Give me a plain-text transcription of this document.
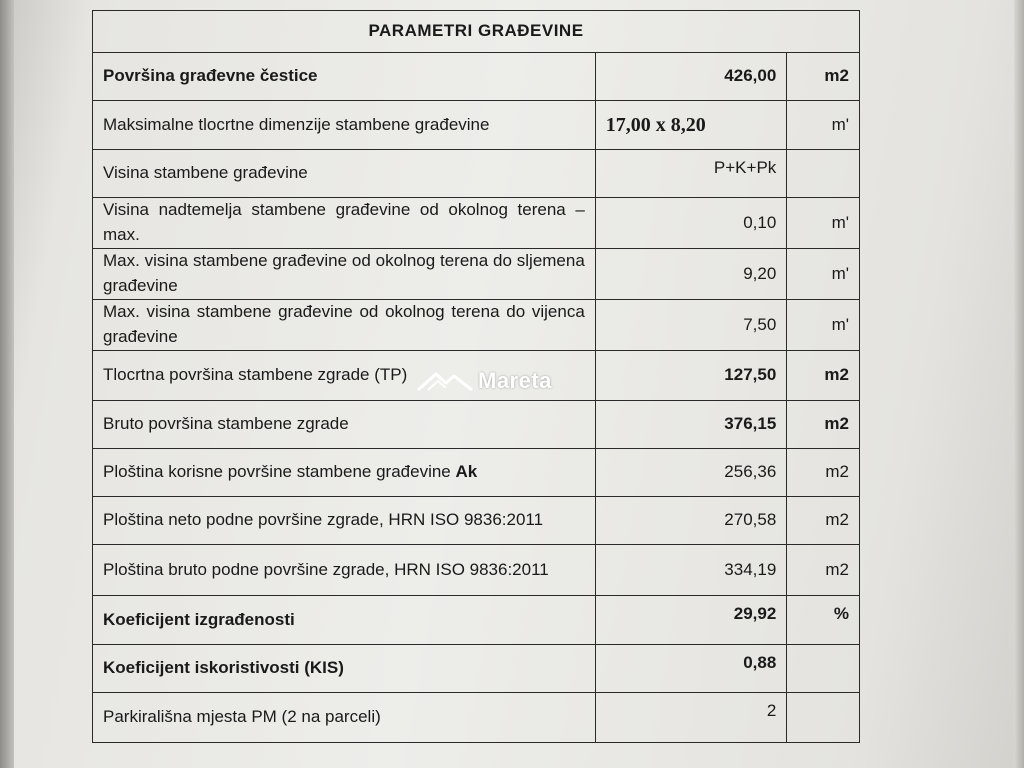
PARAMETRI GRAĐEVINE		
Površina građevne čestice	426,00	m2
Maksimalne tlocrtne dimenzije stambene građevine	17,00 x 8,20	m'
Visina stambene građevine	P+K+Pk	
Visina nadtemelja stambene građevine od okolnog terena – max.	0,10	m'
Max. visina stambene građevine od okolnog terena do sljemena građevine	9,20	m'
Max. visina stambene građevine od okolnog terena do vijenca građevine	7,50	m'
Tlocrtna površina stambene zgrade (TP)	127,50	m2
Bruto površina stambene zgrade	376,15	m2
Ploština korisne površine stambene građevine Ak	256,36	m2
Ploština neto podne površine zgrade, HRN ISO 9836:2011	270,58	m2
Ploština bruto podne površine zgrade, HRN ISO 9836:2011	334,19	m2
Koeficijent izgrađenosti	29,92	%
Koeficijent iskoristivosti (KIS)	0,88	
Parkirališna mjesta PM (2 na parceli)	2	
Mareta
